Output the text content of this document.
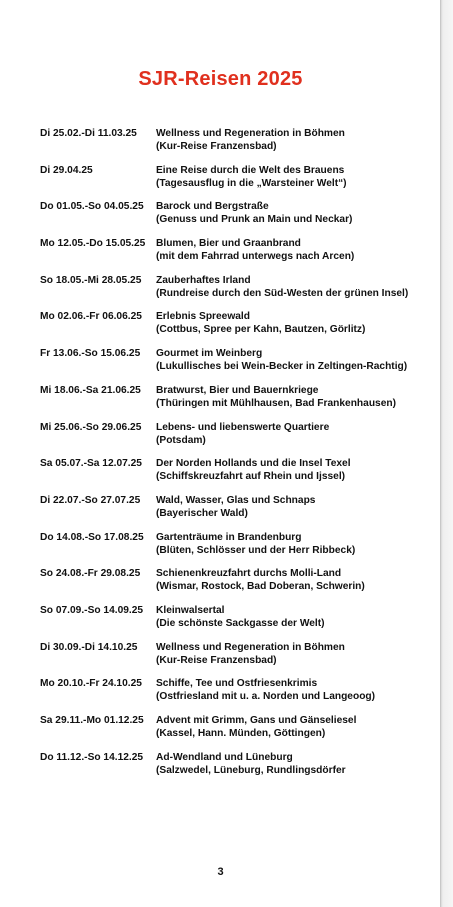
SJR-Reisen 2025
Di 25.02.-Di 11.03.25	Wellness und Regeneration in Böhmen
(Kur-Reise Franzensbad)
Di 29.04.25	Eine Reise durch die Welt des Brauens
(Tagesausflug in die „Warsteiner Welt“)
Do 01.05.-So 04.05.25	Barock und Bergstraße
(Genuss und Prunk an Main und Neckar)
Mo 12.05.-Do 15.05.25	Blumen, Bier und Graanbrand
(mit dem Fahrrad unterwegs nach Arcen)
So 18.05.-Mi 28.05.25	Zauberhaftes Irland
(Rundreise durch den Süd-Westen der grünen Insel)
Mo 02.06.-Fr 06.06.25	Erlebnis Spreewald
(Cottbus, Spree per Kahn, Bautzen, Görlitz)
Fr 13.06.-So 15.06.25	Gourmet im Weinberg
(Lukullisches bei Wein-Becker in Zeltingen-Rachtig)
Mi 18.06.-Sa 21.06.25	Bratwurst, Bier und Bauernkriege
(Thüringen mit Mühlhausen, Bad Frankenhausen)
Mi 25.06.-So 29.06.25	Lebens- und liebenswerte Quartiere
(Potsdam)
Sa 05.07.-Sa 12.07.25	Der Norden Hollands und die Insel Texel
(Schiffskreuzfahrt auf Rhein und Ijssel)
Di 22.07.-So 27.07.25	Wald, Wasser, Glas und Schnaps
(Bayerischer Wald)
Do 14.08.-So 17.08.25	Gartenträume in Brandenburg
(Blüten, Schlösser und der Herr Ribbeck)
So 24.08.-Fr 29.08.25	Schienenkreuzfahrt durchs Molli-Land
(Wismar, Rostock, Bad Doberan, Schwerin)
So 07.09.-So 14.09.25	Kleinwalsertal
(Die schönste Sackgasse der Welt)
Di 30.09.-Di 14.10.25	Wellness und Regeneration in Böhmen
(Kur-Reise Franzensbad)
Mo 20.10.-Fr 24.10.25	Schiffe, Tee und Ostfriesenkrimis
(Ostfriesland mit u. a. Norden und Langeoog)
Sa 29.11.-Mo 01.12.25	Advent mit Grimm, Gans und Gänseliesel
(Kassel, Hann. Münden, Göttingen)
Do 11.12.-So 14.12.25	Ad-Wendland und Lüneburg
(Salzwedel, Lüneburg, Rundlingsdörfer
3
